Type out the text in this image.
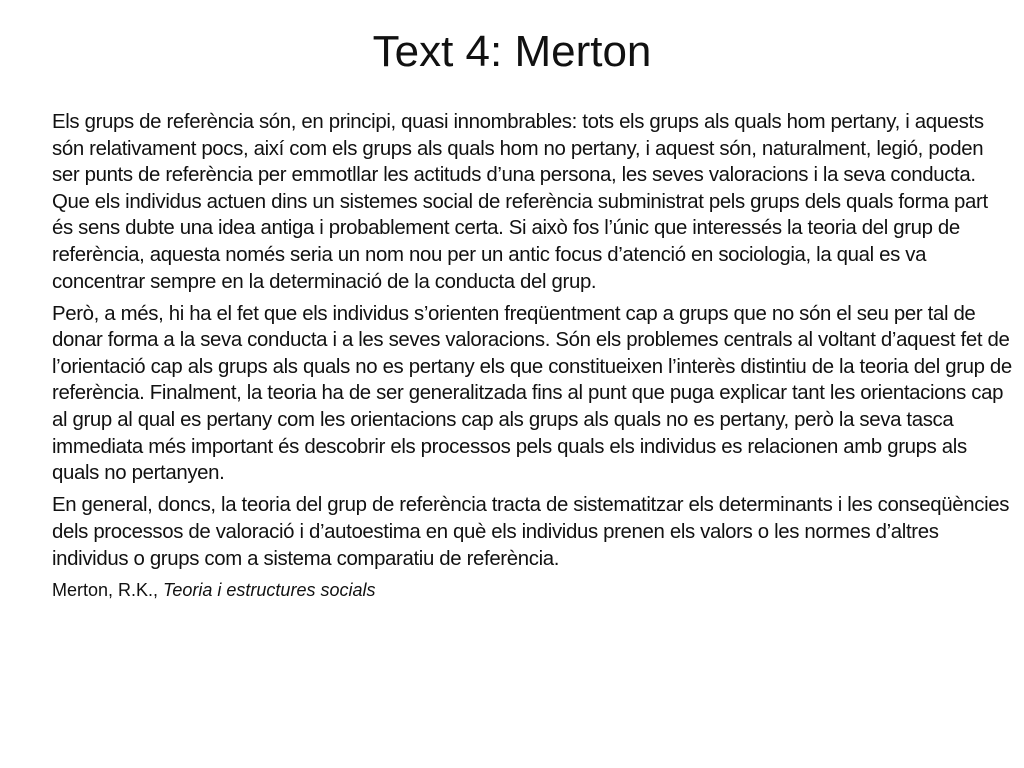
Text 4: Merton

Els grups de referència són, en principi, quasi innombrables: tots els grups als quals hom pertany, i aquests són relativament pocs, així com els grups als quals hom no pertany, i aquest són, naturalment, legió, poden ser punts de referència per emmotllar les actituds d’una persona, les seves valoracions i la seva conducta. Que els individus actuen dins un sistemes social de referència subministrat pels grups dels quals forma part és sens dubte una idea antiga i probablement certa. Si això fos l’únic que interessés la teoria del grup de referència, aquesta només seria un nom nou per un antic focus d’atenció en sociologia, la qual es va concentrar sempre en la determinació de la conducta del grup.

Però, a més, hi ha el fet que els individus s’orienten freqüentment cap a grups que no són el seu per tal de donar forma a la seva conducta i a les seves valoracions. Són els problemes centrals al voltant d’aquest fet de l’orientació cap als grups als quals no es pertany els que constitueixen l’interès distintiu de la teoria del grup de referència. Finalment, la teoria ha de ser generalitzada fins al punt que puga explicar tant les orientacions cap al grup al qual es pertany com les orientacions cap als grups als quals no es pertany, però la seva tasca immediata més important és descobrir els processos pels quals els individus es relacionen amb grups als quals no pertanyen.

En general, doncs, la teoria del grup de referència tracta de sistematitzar els determinants i les conseqüències dels processos de valoració i d’autoestima en què els individus prenen els valors o les normes d’altres individus o grups com a sistema comparatiu de referència.

Merton, R.K., Teoria i estructures socials
